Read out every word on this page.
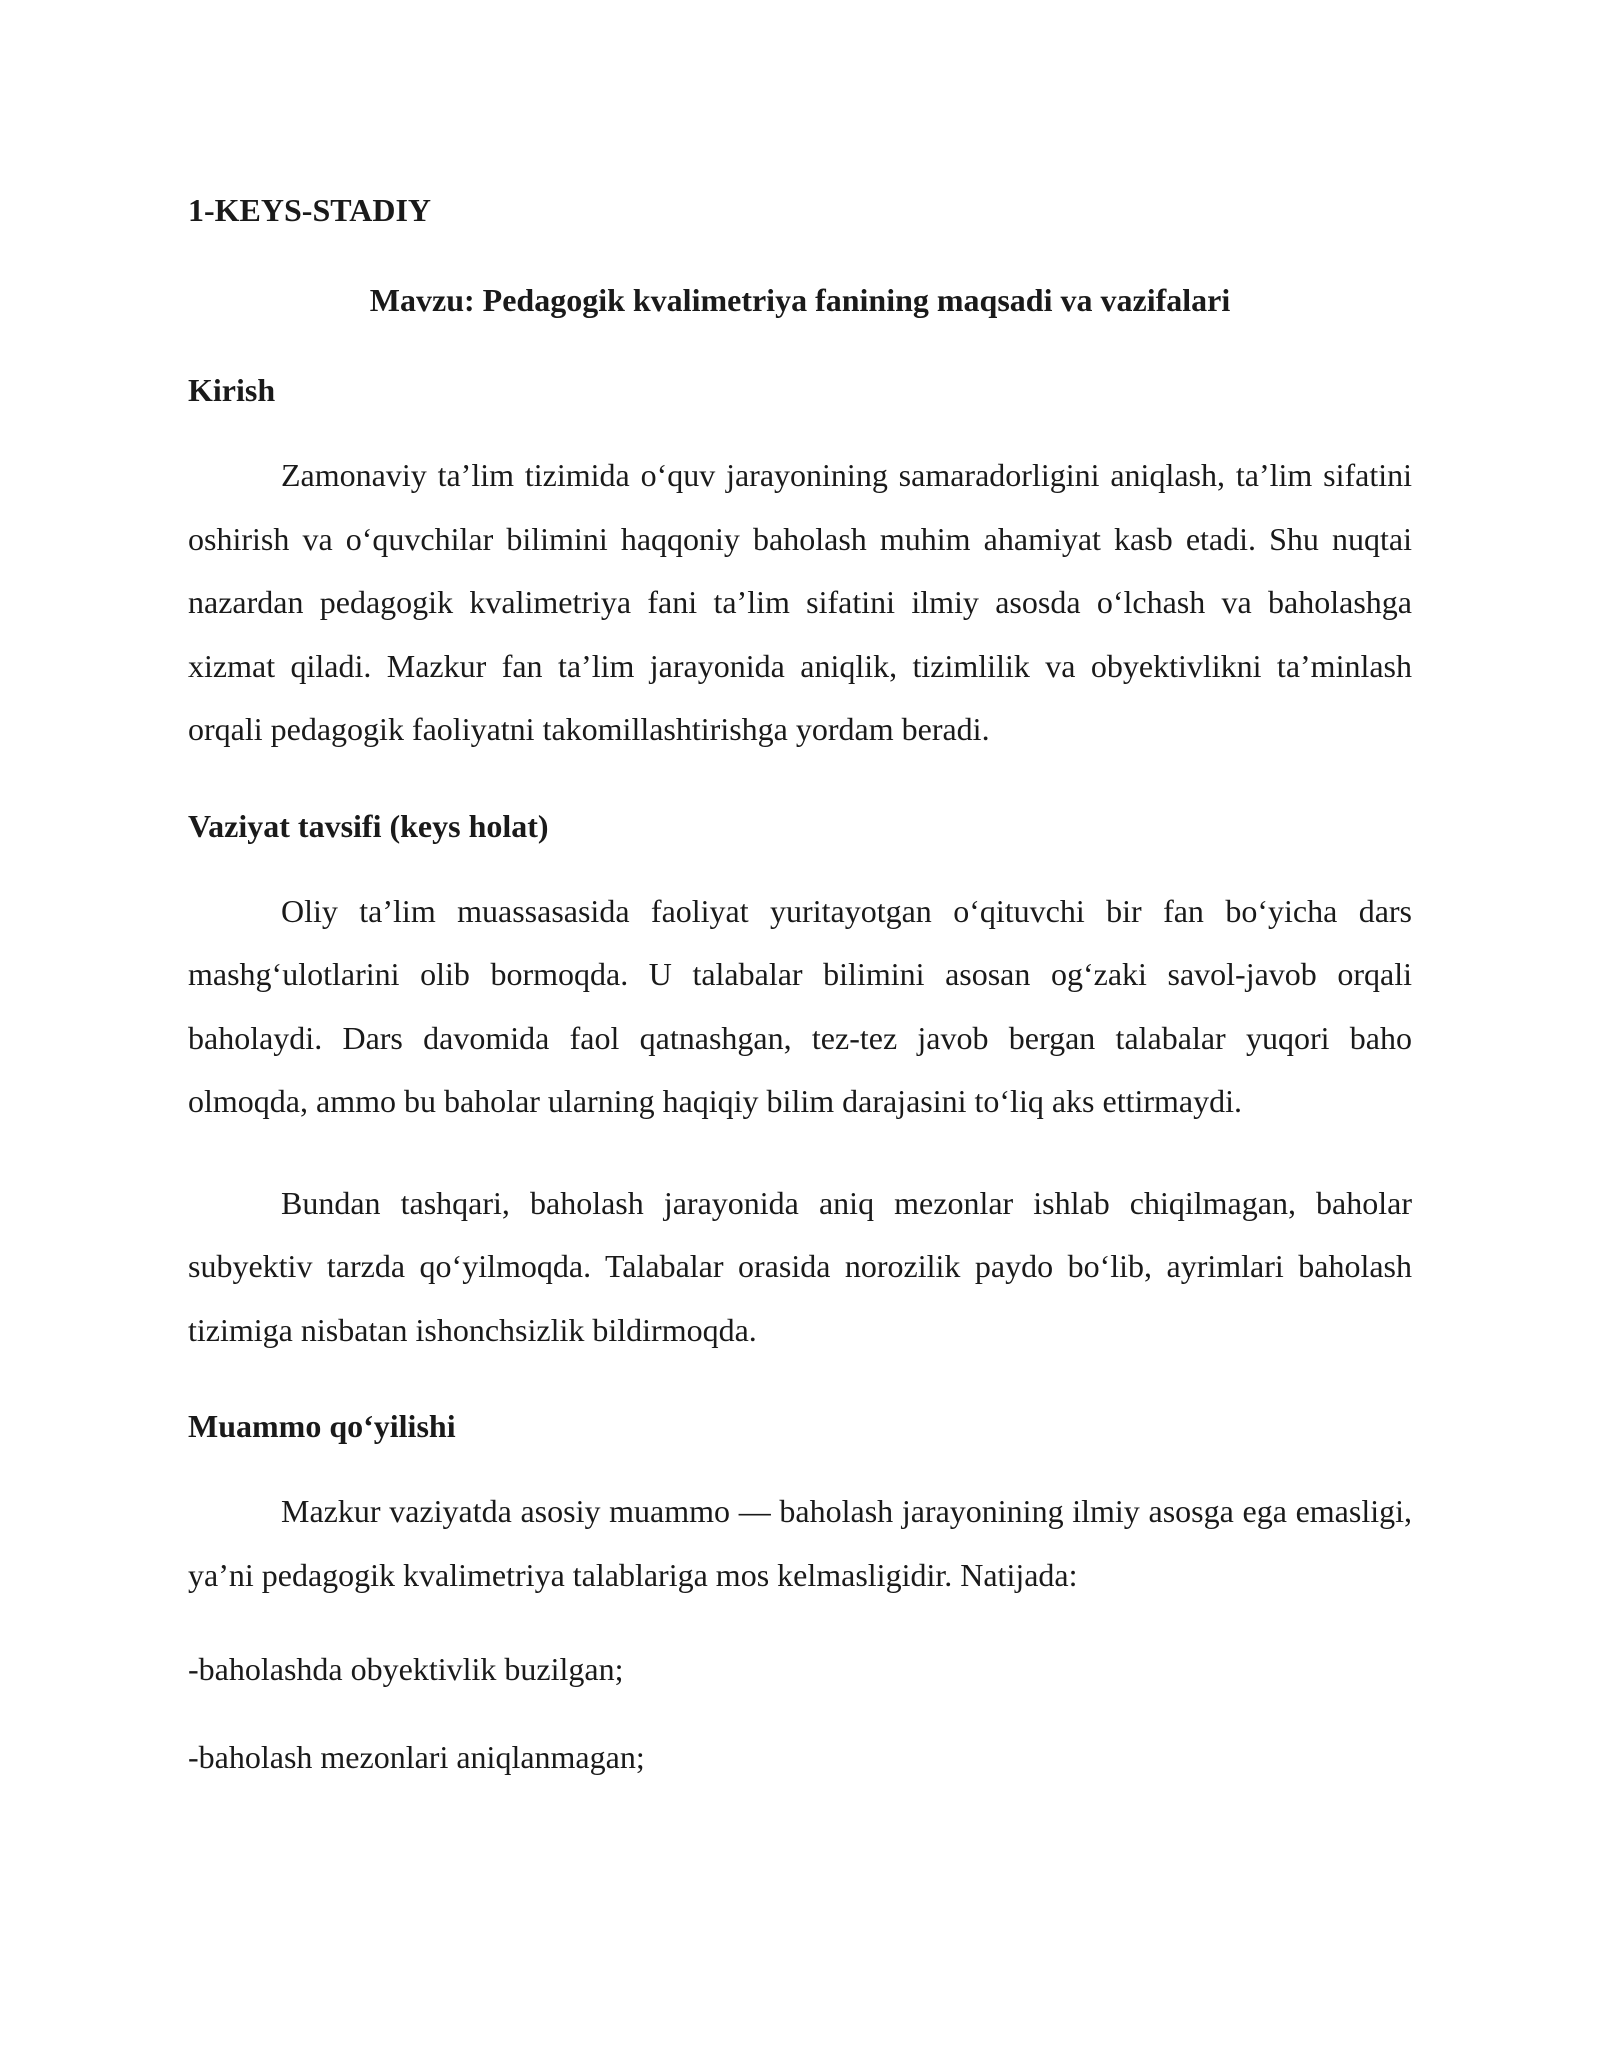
1-KEYS-STADIY

Mavzu: Pedagogik kvalimetriya fanining maqsadi va vazifalari

Kirish

Zamonaviy ta’lim tizimida o‘quv jarayonining samaradorligini aniqlash, ta’lim sifatini oshirish va o‘quvchilar bilimini haqqoniy baholash muhim ahamiyat kasb etadi. Shu nuqtai nazardan pedagogik kvalimetriya fani ta’lim sifatini ilmiy asosda o‘lchash va baholashga xizmat qiladi. Mazkur fan ta’lim jarayonida aniqlik, tizimlilik va obyektivlikni ta’minlash orqali pedagogik faoliyatni takomillashtirishga yordam beradi.

Vaziyat tavsifi (keys holat)

Oliy ta’lim muassasasida faoliyat yuritayotgan o‘qituvchi bir fan bo‘yicha dars mashg‘ulotlarini olib bormoqda. U talabalar bilimini asosan og‘zaki savol-javob orqali baholaydi. Dars davomida faol qatnashgan, tez-tez javob bergan talabalar yuqori baho olmoqda, ammo bu baholar ularning haqiqiy bilim darajasini to‘liq aks ettirmaydi.

Bundan tashqari, baholash jarayonida aniq mezonlar ishlab chiqilmagan, baholar subyektiv tarzda qo‘yilmoqda. Talabalar orasida norozilik paydo bo‘lib, ayrimlari baholash tizimiga nisbatan ishonchsizlik bildirmoqda.

Muammo qo‘yilishi

Mazkur vaziyatda asosiy muammo — baholash jarayonining ilmiy asosga ega emasligi, ya’ni pedagogik kvalimetriya talablariga mos kelmasligidir. Natijada:

-baholashda obyektivlik buzilgan;

-baholash mezonlari aniqlanmagan;
